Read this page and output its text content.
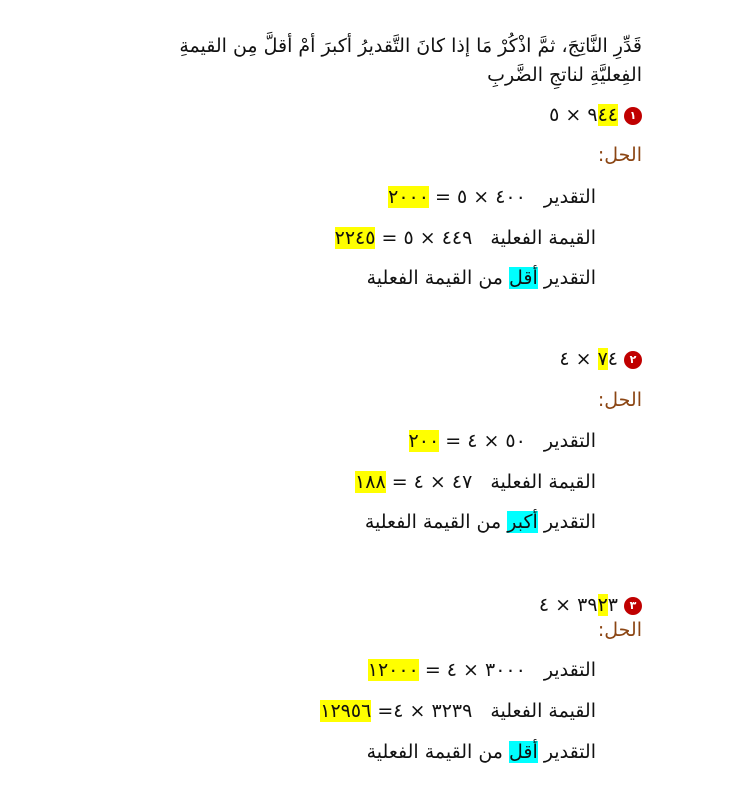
قَدِّرِ النَّاتِجَ، ثمَّ اذْكُرْ مَا إذا كانَ التَّقديرُ أكبرَ أمْ أقلَّ مِن القيمةِ الفِعليَّةِ لناتجِ الضَّربِ
١٩٤٤ × ٥
الحل:
التقدير٤٠٠ × ٥ = ٢٠٠٠
القيمة الفعلية٤٤٩ × ٥ = ٢٢٤٥
التقدير أقل من القيمة الفعلية
٢٧٤ × ٤
الحل:
التقدير٥٠ × ٤ = ٢٠٠
القيمة الفعلية٤٧ × ٤ = ١٨٨
التقدير أكبر من القيمة الفعلية
٣٣٩٢٣ × ٤
الحل:
التقدير٣٠٠٠ × ٤ = ١٢٠٠٠
القيمة الفعلية٣٢٣٩ × ٤= ١٢٩٥٦
التقدير أقل من القيمة الفعلية
